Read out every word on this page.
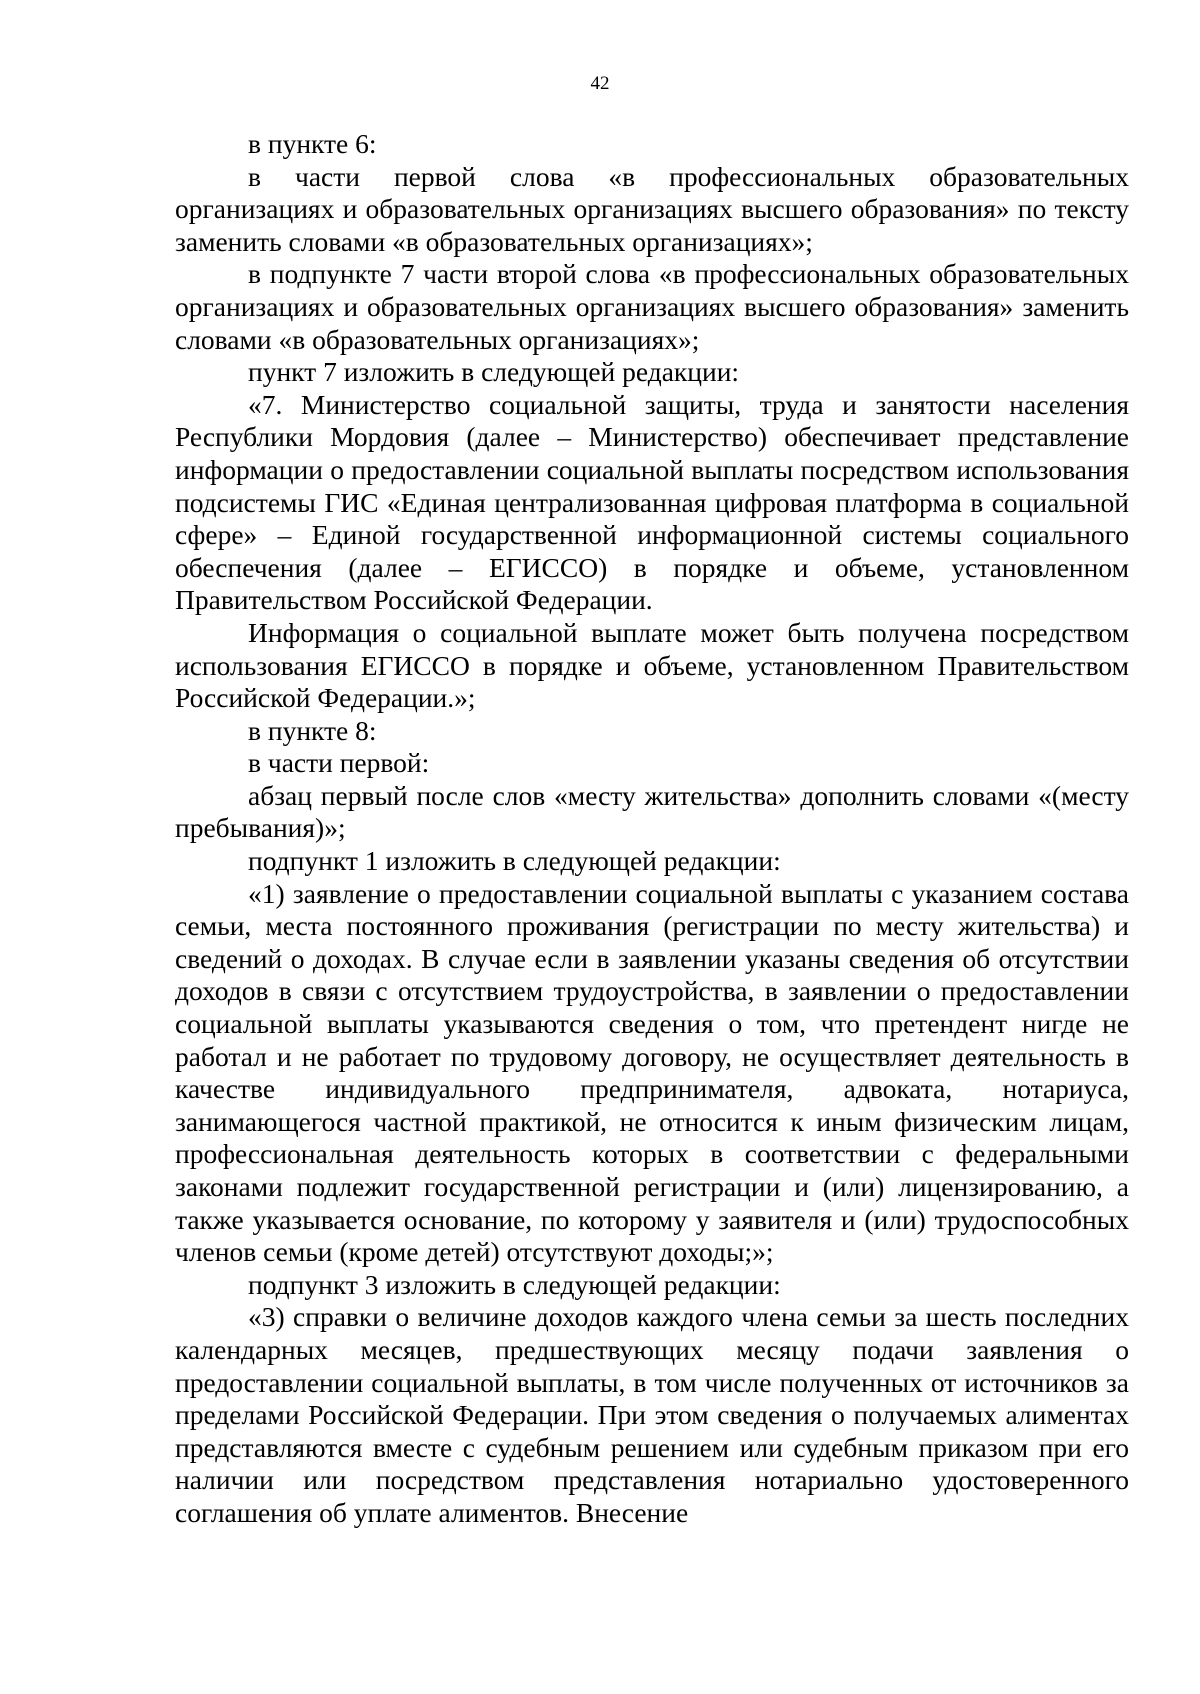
42

в пункте 6:

в части первой слова «в профессиональных образовательных организациях и образовательных организациях высшего образования» по тексту заменить словами «в образовательных организациях»;

в подпункте 7 части второй слова «в профессиональных образовательных организациях и образовательных организациях высшего образования» заменить словами «в образовательных организациях»;

пункт 7 изложить в следующей редакции:

«7. Министерство социальной защиты, труда и занятости населения Республики Мордовия (далее – Министерство) обеспечивает представление информации о предоставлении социальной выплаты посредством использования подсистемы ГИС «Единая централизованная цифровая платформа в социальной сфере» – Единой государственной информационной системы социального обеспечения (далее – ЕГИССО) в порядке и объеме, установленном Правительством Российской Федерации.

Информация о социальной выплате может быть получена посредством использования ЕГИССО в порядке и объеме, установленном Правительством Российской Федерации.»;

в пункте 8:

в части первой:

абзац первый после слов «месту жительства» дополнить словами «(месту пребывания)»;

подпункт 1 изложить в следующей редакции:

«1) заявление о предоставлении социальной выплаты с указанием состава семьи, места постоянного проживания (регистрации по месту жительства) и сведений о доходах. В случае если в заявлении указаны сведения об отсутствии доходов в связи с отсутствием трудоустройства, в заявлении о предоставлении социальной выплаты указываются сведения о том, что претендент нигде не работал и не работает по трудовому договору, не осуществляет деятельность в качестве индивидуального предпринимателя, адвоката, нотариуса, занимающегося частной практикой, не относится к иным физическим лицам, профессиональная деятельность которых в соответствии с федеральными законами подлежит государственной регистрации и (или) лицензированию, а также указывается основание, по которому у заявителя и (или) трудоспособных членов семьи (кроме детей) отсутствуют доходы;»;

подпункт 3 изложить в следующей редакции:

«3) справки о величине доходов каждого члена семьи за шесть последних календарных месяцев, предшествующих месяцу подачи заявления о предоставлении социальной выплаты, в том числе полученных от источников за пределами Российской Федерации. При этом сведения о получаемых алиментах представляются вместе с судебным решением или судебным приказом при его наличии или посредством представления нотариально удостоверенного соглашения об уплате алиментов. Внесение
